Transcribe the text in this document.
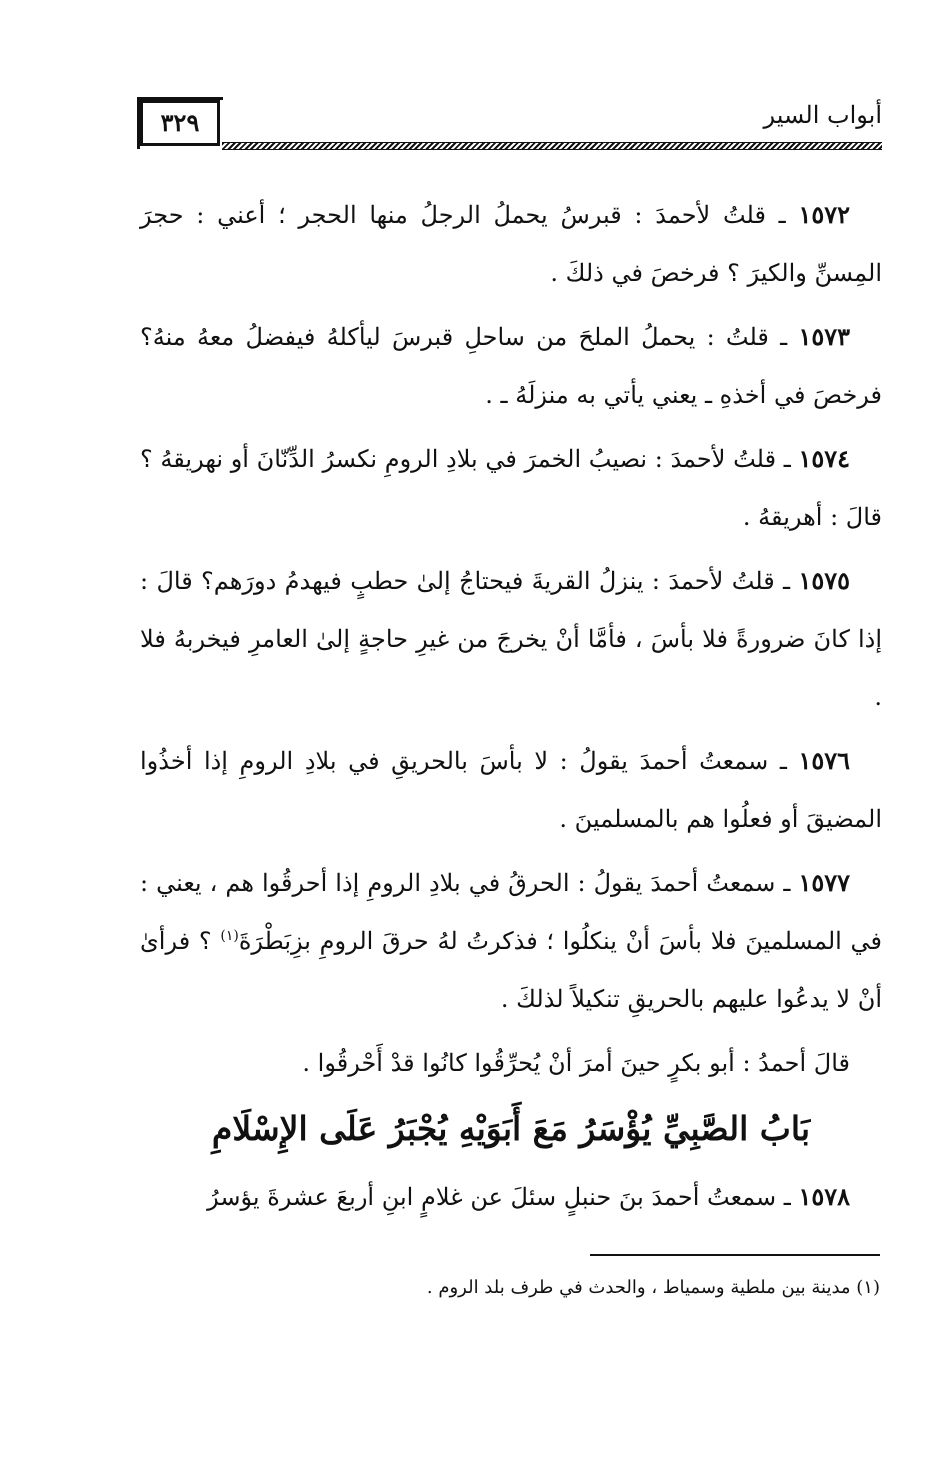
أبواب السير
٣٢٩

١٥٧٢ ـ قلتُ لأحمدَ : قبرسُ يحملُ الرجلُ منها الحجر ؛ أعني : حجرَ المِسنِّ والكيرَ ؟ فرخصَ في ذلكَ .

١٥٧٣ ـ قلتُ : يحملُ الملحَ من ساحلِ قبرسَ ليأكلهُ فيفضلُ معهُ منهُ؟ فرخصَ في أخذهِ ـ يعني يأتي به منزلَهُ ـ .

١٥٧٤ ـ قلتُ لأحمدَ : نصيبُ الخمرَ في بلادِ الرومِ نكسرُ الدِّنّانَ أو نهريقهُ ؟ قالَ : أهريقهُ .

١٥٧٥ ـ قلتُ لأحمدَ : ينزلُ القريةَ فيحتاجُ إلىٰ حطبٍ فيهدمُ دورَهم؟ قالَ : إذا كانَ ضرورةً فلا بأسَ ، فأمَّا أنْ يخرجَ من غيرِ حاجةٍ إلىٰ العامرِ فيخربهُ فلا .

١٥٧٦ ـ سمعتُ أحمدَ يقولُ : لا بأسَ بالحريقِ في بلادِ الرومِ إذا أخذُوا المضيقَ أو فعلُوا هم بالمسلمينَ .

١٥٧٧ ـ سمعتُ أحمدَ يقولُ : الحرقُ في بلادِ الرومِ إذا أحرقُوا هم ، يعني : في المسلمينَ فلا بأسَ أنْ ينكلُوا ؛ فذكرتُ لهُ حرقَ الرومِ بزِبَطْرَةَ$^{(١)}$ ؟ فرأىٰ أنْ لا يدعُوا عليهم بالحريقِ تنكيلاً لذلكَ .

قالَ أحمدُ : أبو بكرٍ حينَ أمرَ أنْ يُحرِّقُوا كانُوا قدْ أَحْرقُوا .

بَابُ الصَّبِيِّ يُؤْسَرُ مَعَ أَبَوَيْهِ يُجْبَرُ عَلَى الإِسْلَامِ

١٥٧٨ ـ سمعتُ أحمدَ بنَ حنبلٍ سئلَ عن غلامٍ ابنِ أربعَ عشرةَ يؤسرُ

(١) مدينة بين ملطية وسمياط ، والحدث في طرف بلد الروم .
